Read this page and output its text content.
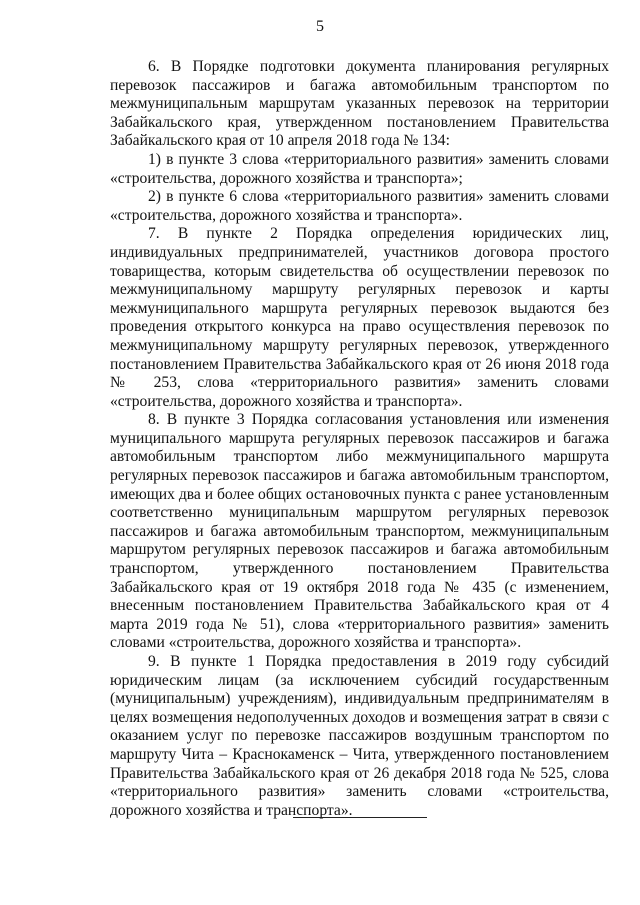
5

6. В Порядке подготовки документа планирования регулярных перевозок пассажиров и багажа автомобильным транспортом по межмуниципальным маршрутам указанных перевозок на территории Забайкальского края, утвержденном постановлением Правительства Забайкальского края от 10 апреля 2018 года № 134:

1) в пункте 3 слова «территориального развития» заменить словами «строительства, дорожного хозяйства и транспорта»;

2) в пункте 6 слова «территориального развития» заменить словами «строительства, дорожного хозяйства и транспорта».

7. В пункте 2 Порядка определения юридических лиц, индивидуальных предпринимателей, участников договора простого товарищества, которым свидетельства об осуществлении перевозок по межмуниципальному маршруту регулярных перевозок и карты межмуниципального маршрута регулярных перевозок выдаются без проведения открытого конкурса на право осуществления перевозок по межмуниципальному маршруту регулярных перевозок, утвержденного постановлением Правительства Забайкальского края от 26 июня 2018 года № 253, слова «территориального развития» заменить словами «строительства, дорожного хозяйства и транспорта».

8. В пункте 3 Порядка согласования установления или изменения муниципального маршрута регулярных перевозок пассажиров и багажа автомобильным транспортом либо межмуниципального маршрута регулярных перевозок пассажиров и багажа автомобильным транспортом, имеющих два и более общих остановочных пункта с ранее установленным соответственно муниципальным маршрутом регулярных перевозок пассажиров и багажа автомобильным транспортом, межмуниципальным маршрутом регулярных перевозок пассажиров и багажа автомобильным транспортом, утвержденного постановлением Правительства Забайкальского края от 19 октября 2018 года № 435 (с изменением, внесенным постановлением Правительства Забайкальского края от 4 марта 2019 года № 51), слова «территориального развития» заменить словами «строительства, дорожного хозяйства и транспорта».

9. В пункте 1 Порядка предоставления в 2019 году субсидий юридическим лицам (за исключением субсидий государственным (муниципальным) учреждениям), индивидуальным предпринимателям в целях возмещения недополученных доходов и возмещения затрат в связи с оказанием услуг по перевозке пассажиров воздушным транспортом по маршруту Чита – Краснокаменск – Чита, утвержденного постановлением Правительства Забайкальского края от 26 декабря 2018 года № 525, слова «территориального развития» заменить словами «строительства, дорожного хозяйства и транспорта».
